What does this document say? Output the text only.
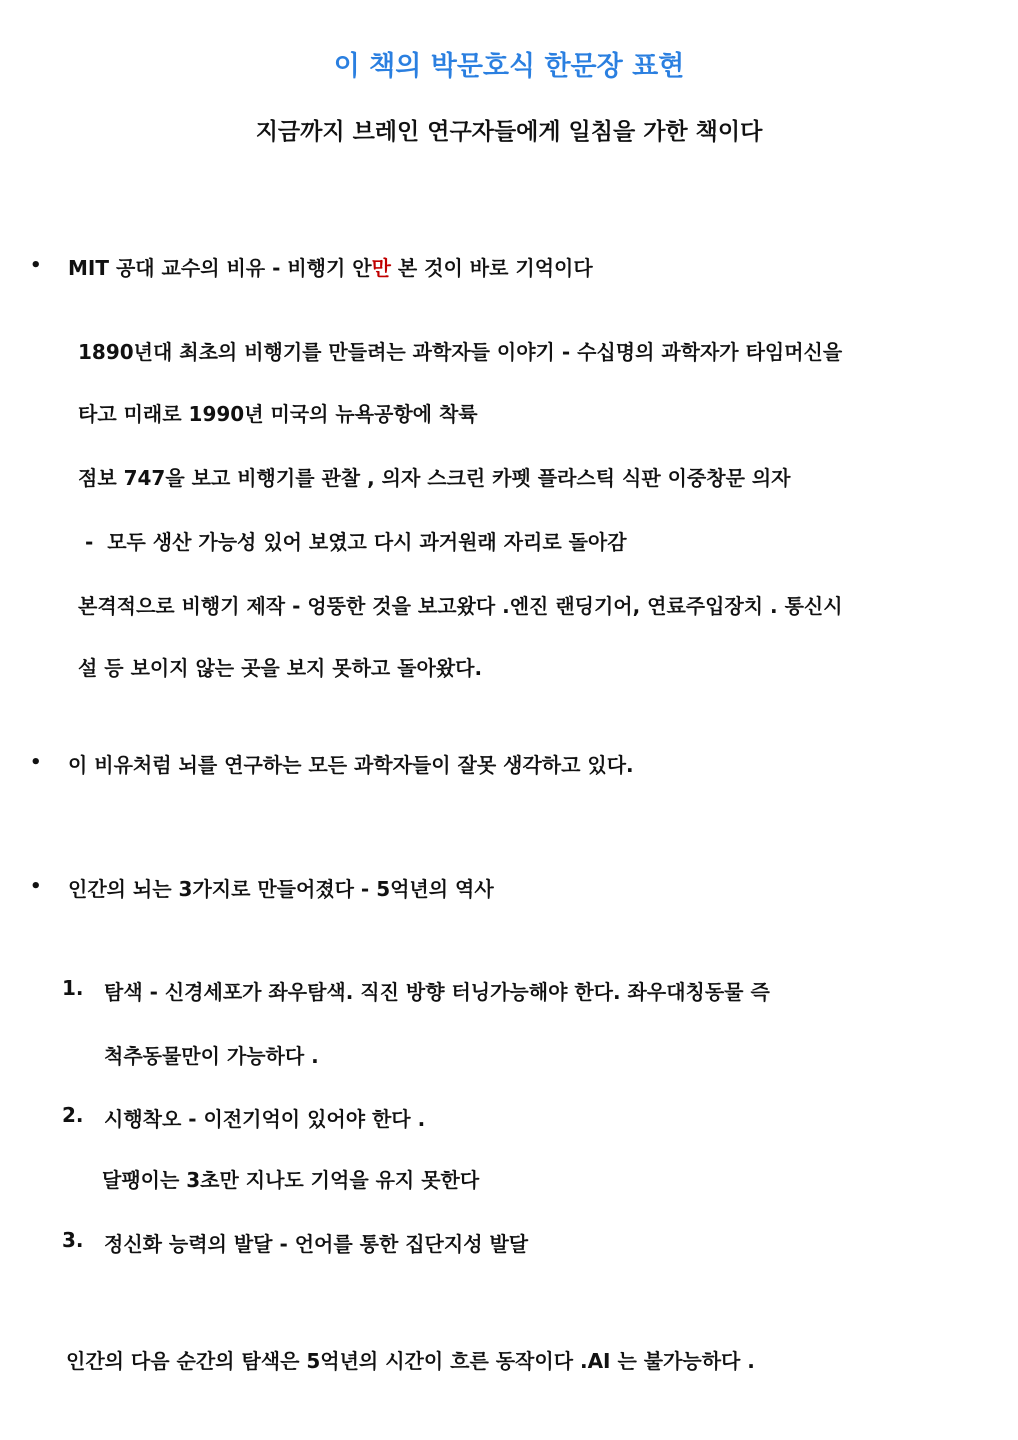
이 책의 박문호식 한문장 표현
지금까지 브레인 연구자들에게 일침을 가한 책이다
• MIT 공대 교수의 비유 - 비행기 안만 본 것이 바로 기억이다
1890년대 최초의 비행기를 만들려는 과학자들 이야기 - 수십명의 과학자가 타임머신을
타고 미래로 1990년 미국의 뉴욕공항에 착륙
점보 747을 보고 비행기를 관찰 , 의자 스크린 카펫 플라스틱 식판 이중창문 의자
-  모두 생산 가능성 있어 보였고 다시 과거원래 자리로 돌아감
본격적으로 비행기 제작 - 엉뚱한 것을 보고왔다 .엔진 랜딩기어, 연료주입장치 . 통신시
설 등 보이지 않는 곳을 보지 못하고 돌아왔다.
• 이 비유처럼 뇌를 연구하는 모든 과학자들이 잘못 생각하고 있다.
• 인간의 뇌는 3가지로 만들어졌다 - 5억년의 역사
1. 탐색 - 신경세포가 좌우탐색. 직진 방향 터닝가능해야 한다. 좌우대칭동물 즉
척추동물만이 가능하다 .
2. 시행착오 - 이전기억이 있어야 한다 .
달팽이는 3초만 지나도 기억을 유지 못한다
3. 정신화 능력의 발달 - 언어를 통한 집단지성 발달
인간의 다음 순간의 탐색은 5억년의 시간이 흐른 동작이다 .AI 는 불가능하다 .
